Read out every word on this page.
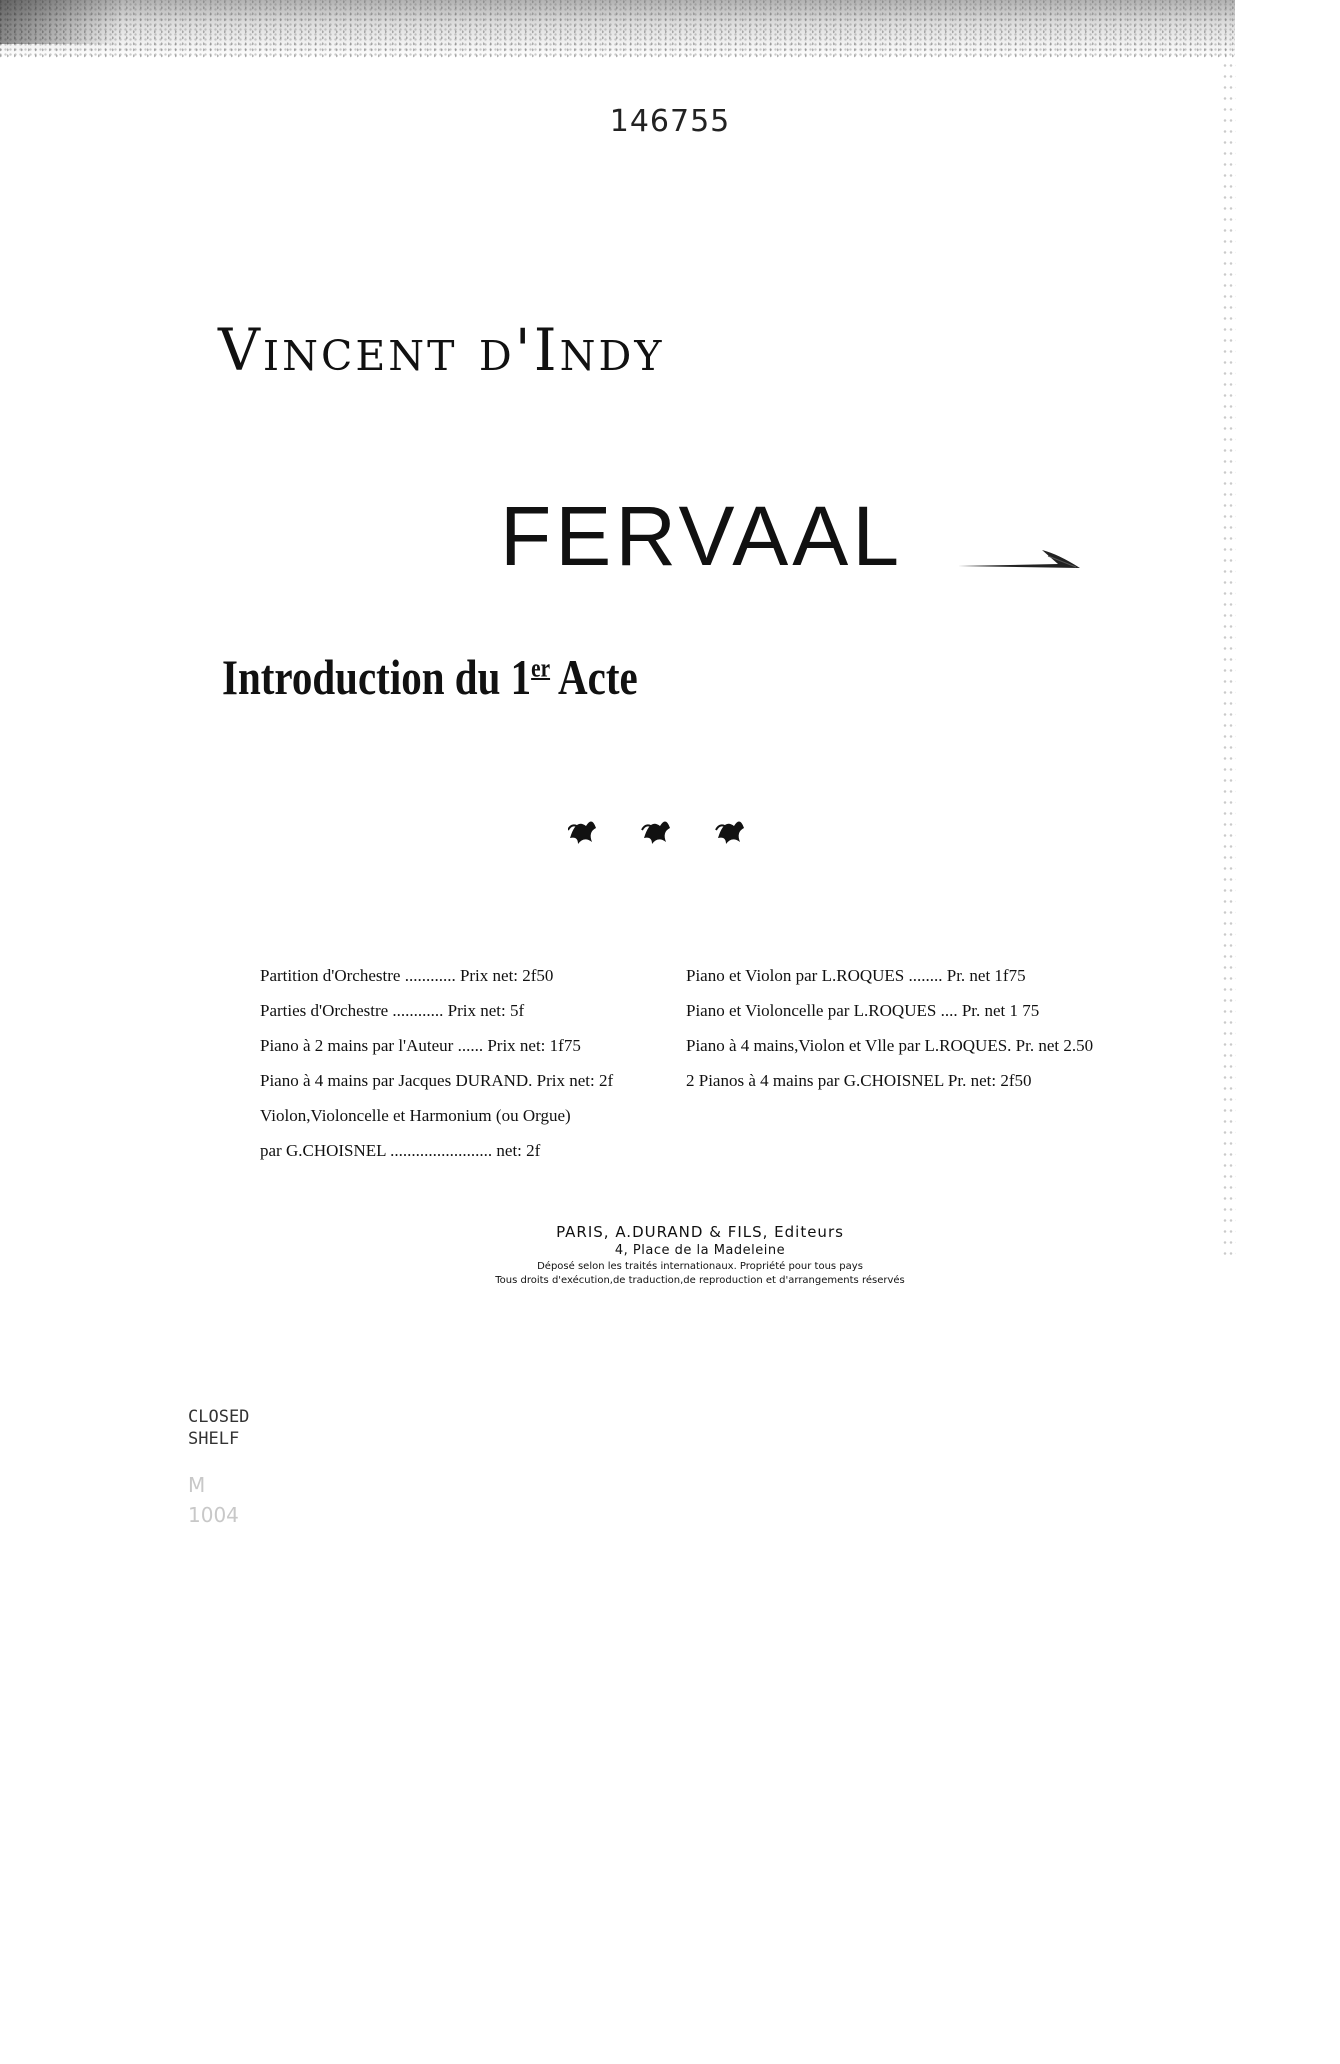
146755
Vincent d'Indy
FERVAAL
Introduction du 1er Acte
Partition d'Orchestre ............ Prix net: 2f50
Parties d'Orchestre ............ Prix net: 5f
Piano à 2 mains par l'Auteur ...... Prix net: 1f75
Piano à 4 mains par Jacques DURAND. Prix net: 2f
Violon,Violoncelle et Harmonium (ou Orgue)
par G.CHOISNEL ........................ net: 2f
Piano et Violon par L.ROQUES ........ Pr. net 1f75
Piano et Violoncelle par L.ROQUES .... Pr. net 1 75
Piano à 4 mains,Violon et Vlle par L.ROQUES. Pr. net 2.50
2 Pianos à 4 mains par G.CHOISNEL Pr. net: 2f50
PARIS, A.DURAND & FILS, Editeurs
4, Place de la Madeleine
Déposé selon les traités internationaux. Propriété pour tous pays
Tous droits d'exécution,de traduction,de reproduction et d'arrangements réservés
CLOSED
SHELF
M
1004
